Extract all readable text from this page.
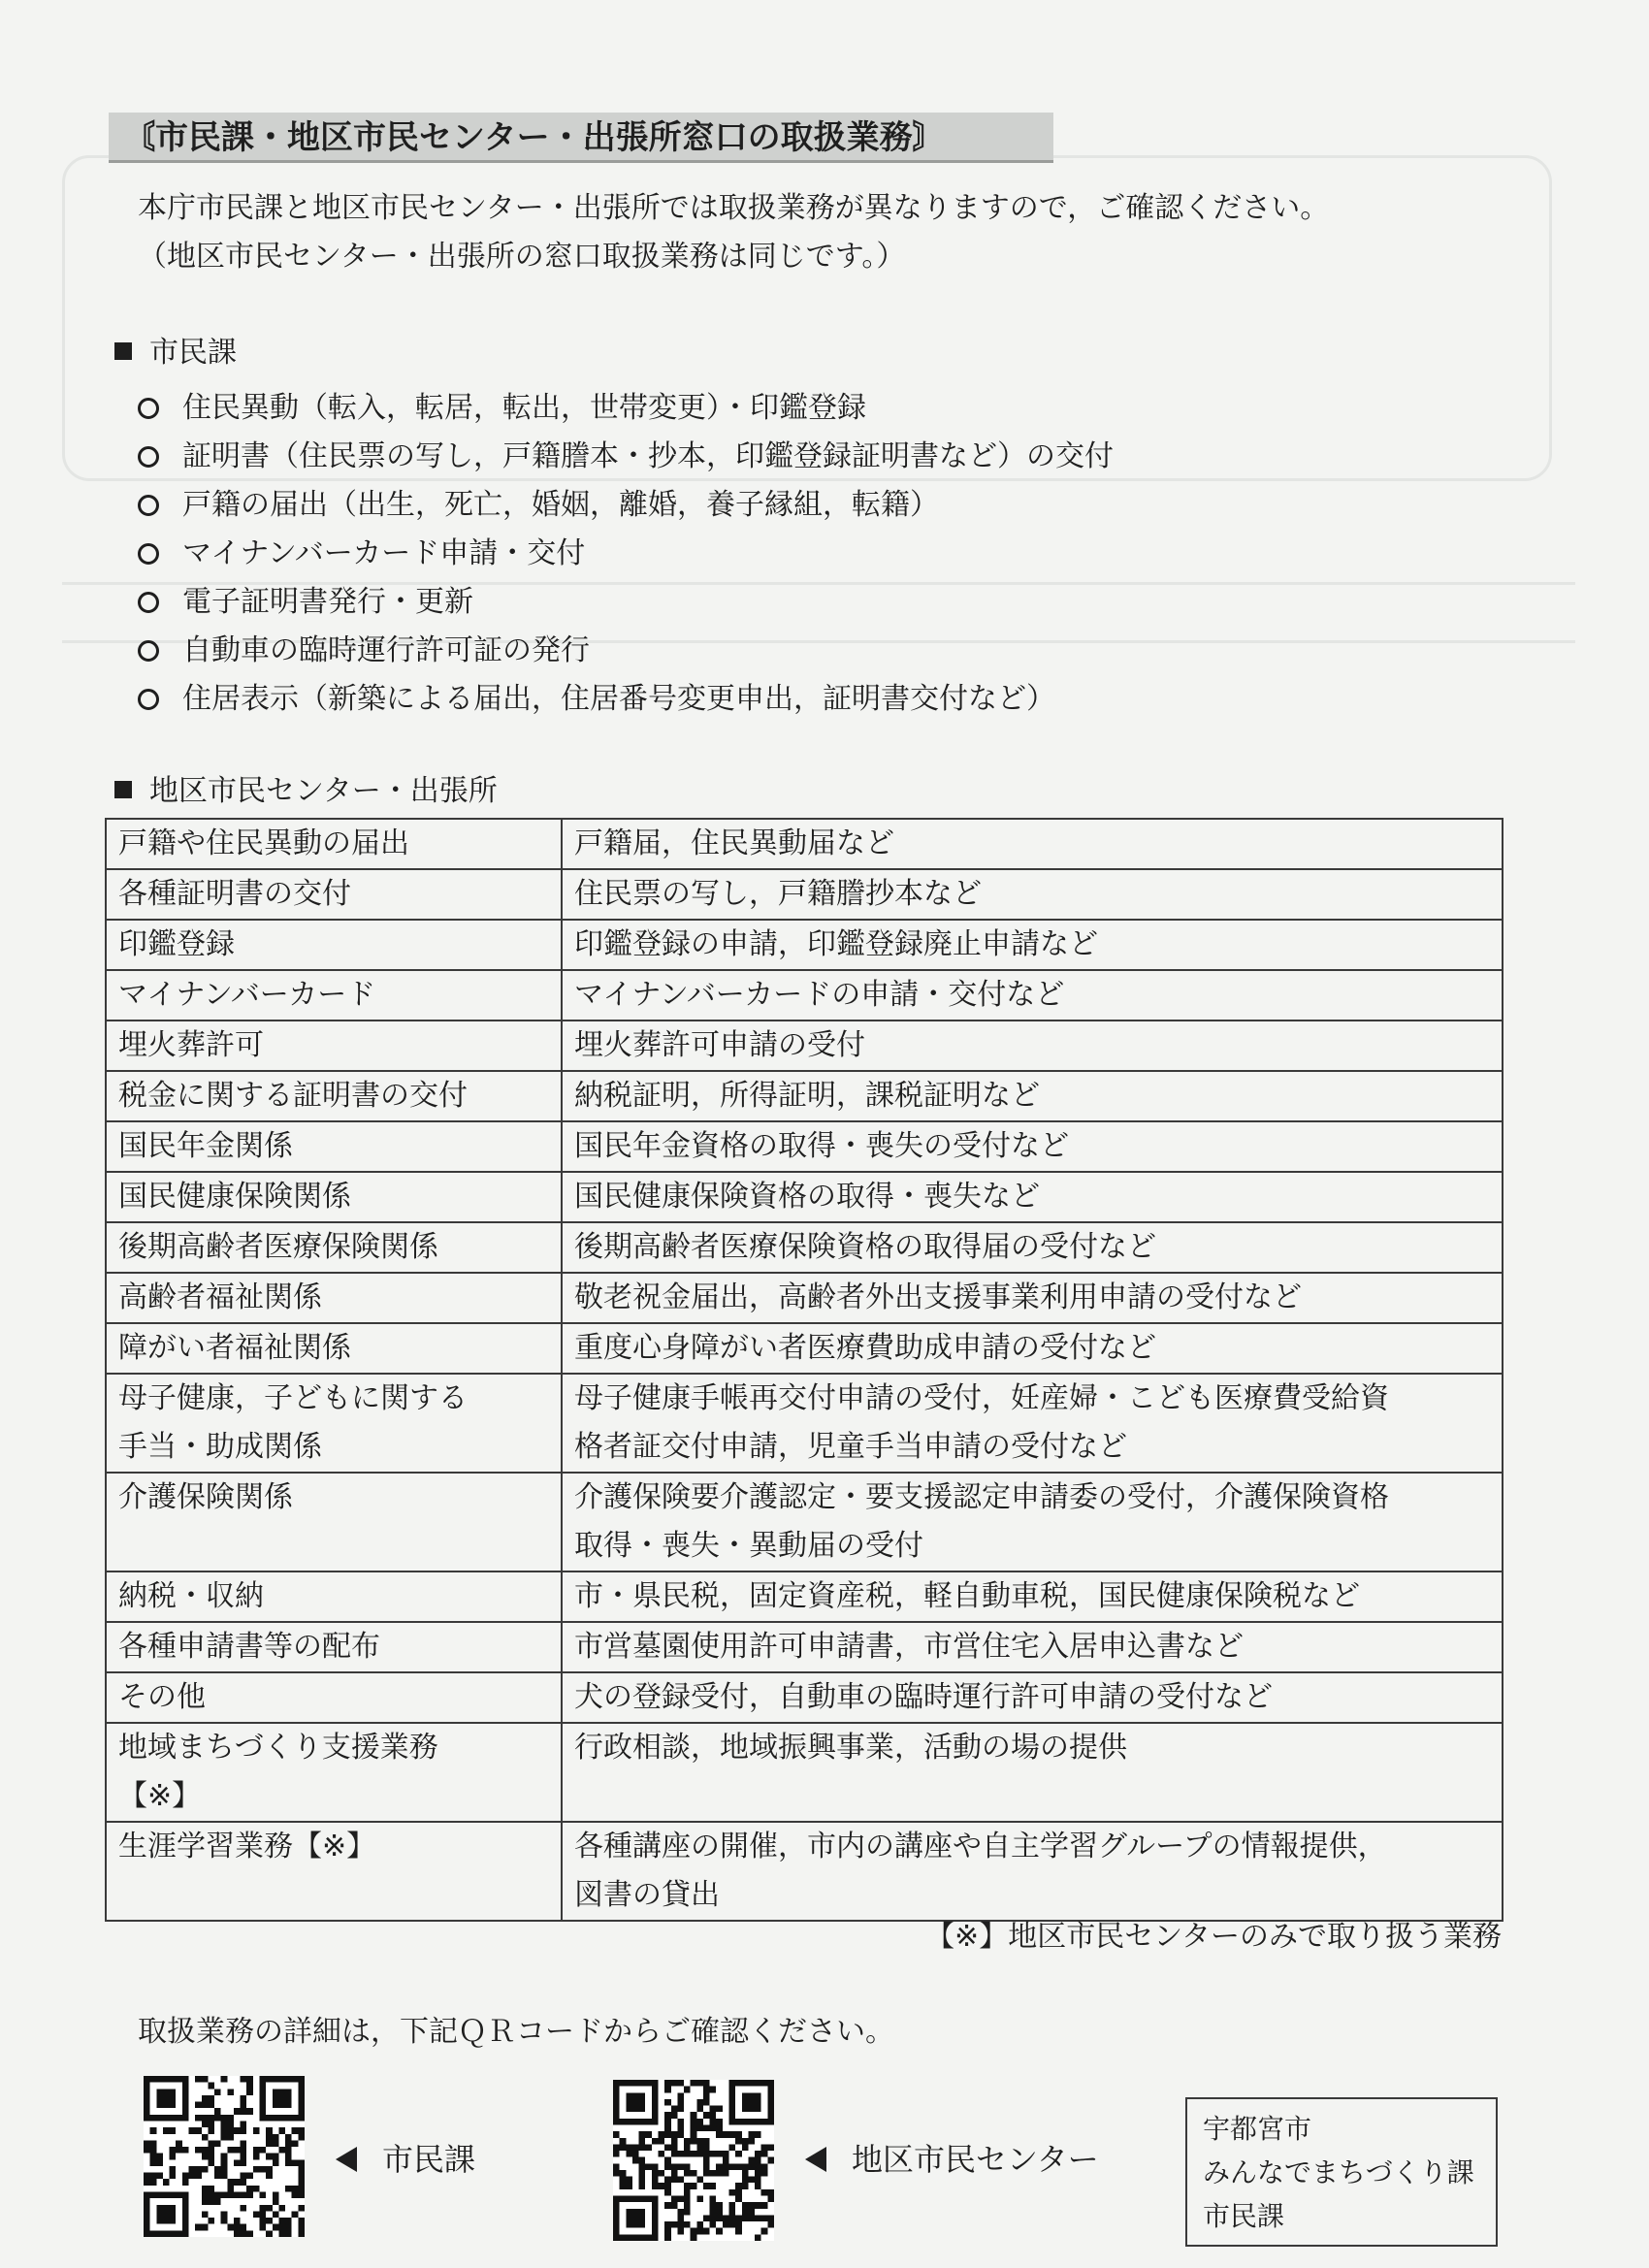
〘市民課・地区市民センター・出張所窓口の取扱業務〙
本庁市民課と地区市民センター・出張所では取扱業務が異なりますので，ご確認ください。
（地区市民センター・出張所の窓口取扱業務は同じです。）
市民課
住民異動（転入，転居，転出，世帯変更）・印鑑登録
証明書（住民票の写し，戸籍謄本・抄本，印鑑登録証明書など）の交付
戸籍の届出（出生，死亡，婚姻，離婚，養子縁組，転籍）
マイナンバーカード申請・交付
電子証明書発行・更新
自動車の臨時運行許可証の発行
住居表示（新築による届出，住居番号変更申出，証明書交付など）
地区市民センター・出張所
戸籍や住民異動の届出	戸籍届，住民異動届など
各種証明書の交付	住民票の写し，戸籍謄抄本など
印鑑登録	印鑑登録の申請，印鑑登録廃止申請など
マイナンバーカード	マイナンバーカードの申請・交付など
埋火葬許可	埋火葬許可申請の受付
税金に関する証明書の交付	納税証明，所得証明，課税証明など
国民年金関係	国民年金資格の取得・喪失の受付など
国民健康保険関係	国民健康保険資格の取得・喪失など
後期高齢者医療保険関係	後期高齢者医療保険資格の取得届の受付など
高齢者福祉関係	敬老祝金届出，高齢者外出支援事業利用申請の受付など
障がい者福祉関係	重度心身障がい者医療費助成申請の受付など
母子健康，子どもに関する
手当・助成関係	母子健康手帳再交付申請の受付，妊産婦・こども医療費受給資
格者証交付申請，児童手当申請の受付など
介護保険関係	介護保険要介護認定・要支援認定申請委の受付，介護保険資格
取得・喪失・異動届の受付
納税・収納	市・県民税，固定資産税，軽自動車税，国民健康保険税など
各種申請書等の配布	市営墓園使用許可申請書，市営住宅入居申込書など
その他	犬の登録受付，自動車の臨時運行許可申請の受付など
地域まちづくり支援業務
【※】	行政相談，地域振興事業，活動の場の提供
生涯学習業務【※】	各種講座の開催，市内の講座や自主学習グループの情報提供，
図書の貸出
【※】地区市民センターのみで取り扱う業務
取扱業務の詳細は，下記ＱＲコードからご確認ください。
市民課	地区市民センター
宇都宮市
みんなでまちづくり課
市民課
